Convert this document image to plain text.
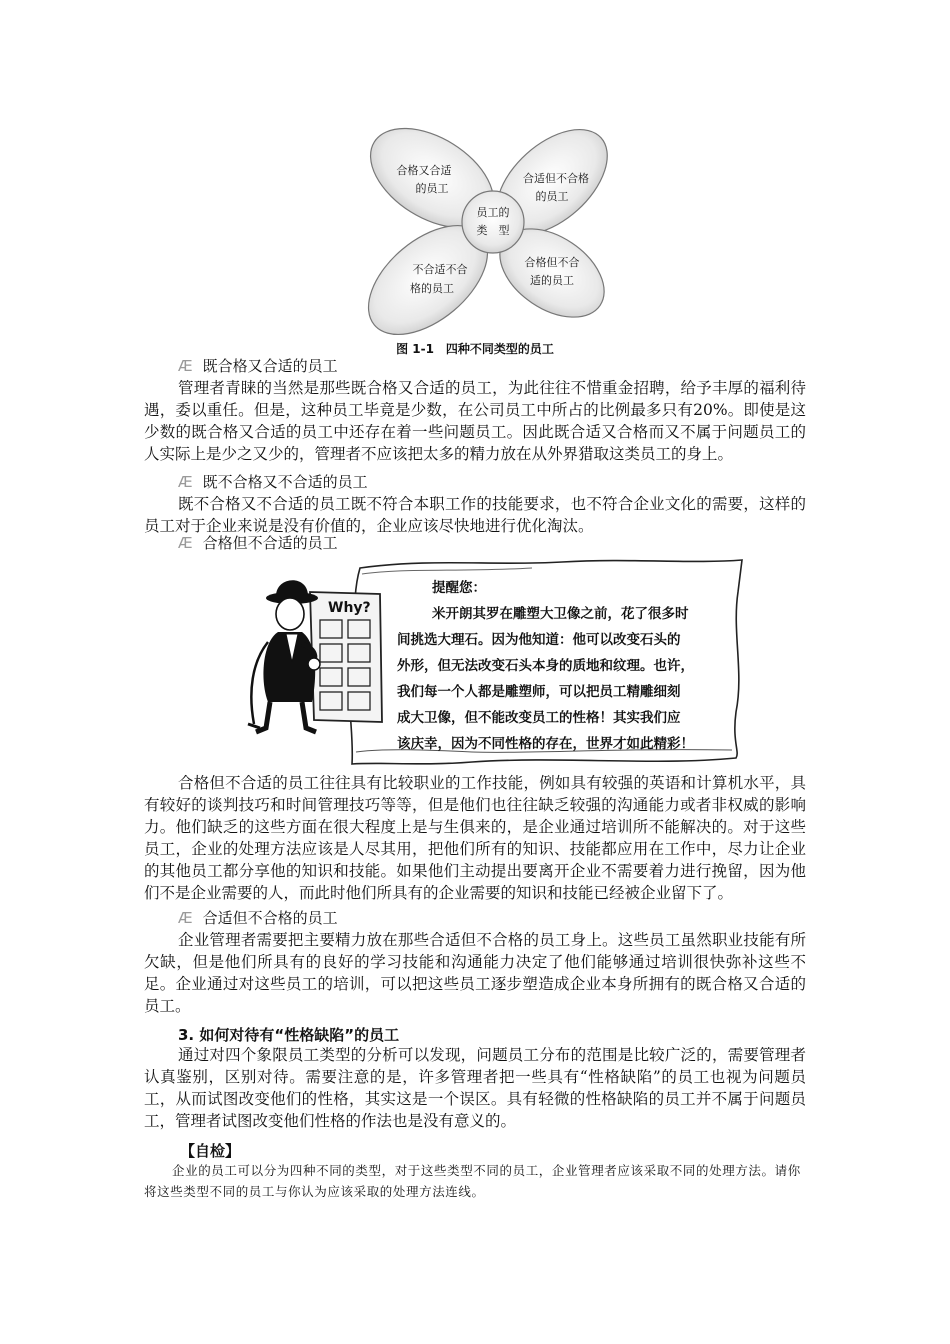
合格又合适
的员工
合适但不合格
的员工
不合适不合
格的员工
合格但不合
适的员工
员工的
类　型
图 1-1　四种不同类型的员工
Æ 既合格又合适的员工
管理者青睐的当然是那些既合格又合适的员工，为此往往不惜重金招聘，给予丰厚的福利待遇，委以重任。但是，这种员工毕竟是少数，在公司员工中所占的比例最多只有20%。即使是这少数的既合格又合适的员工中还存在着一些问题员工。因此既合适又合格而又不属于问题员工的人实际上是少之又少的，管理者不应该把太多的精力放在从外界猎取这类员工的身上。
Æ 既不合格又不合适的员工
既不合格又不合适的员工既不符合本职工作的技能要求，也不符合企业文化的需要，这样的员工对于企业来说是没有价值的，企业应该尽快地进行优化淘汰。
Æ 合格但不合适的员工
Why?
提醒您：
米开朗其罗在雕塑大卫像之前，花了很多时
间挑选大理石。因为他知道：他可以改变石头的
外形，但无法改变石头本身的质地和纹理。也许，
我们每一个人都是雕塑师，可以把员工精雕细刻
成大卫像，但不能改变员工的性格！其实我们应
该庆幸，因为不同性格的存在，世界才如此精彩！
合格但不合适的员工往往具有比较职业的工作技能，例如具有较强的英语和计算机水平，具有较好的谈判技巧和时间管理技巧等等，但是他们也往往缺乏较强的沟通能力或者非权威的影响力。他们缺乏的这些方面在很大程度上是与生俱来的，是企业通过培训所不能解决的。对于这些员工，企业的处理方法应该是人尽其用，把他们所有的知识、技能都应用在工作中，尽力让企业的其他员工都分享他的知识和技能。如果他们主动提出要离开企业不需要着力进行挽留，因为他们不是企业需要的人，而此时他们所具有的企业需要的知识和技能已经被企业留下了。
Æ 合适但不合格的员工
企业管理者需要把主要精力放在那些合适但不合格的员工身上。这些员工虽然职业技能有所欠缺，但是他们所具有的良好的学习技能和沟通能力决定了他们能够通过培训很快弥补这些不足。企业通过对这些员工的培训，可以把这些员工逐步塑造成企业本身所拥有的既合格又合适的员工。
3. 如何对待有“性格缺陷”的员工
通过对四个象限员工类型的分析可以发现，问题员工分布的范围是比较广泛的，需要管理者认真鉴别，区别对待。需要注意的是，许多管理者把一些具有“性格缺陷”的员工也视为问题员工，从而试图改变他们的性格，其实这是一个误区。具有轻微的性格缺陷的员工并不属于问题员工，管理者试图改变他们性格的作法也是没有意义的。
【自检】
企业的员工可以分为四种不同的类型，对于这些类型不同的员工，企业管理者应该采取不同的处理方法。请你将这些类型不同的员工与你认为应该采取的处理方法连线。
